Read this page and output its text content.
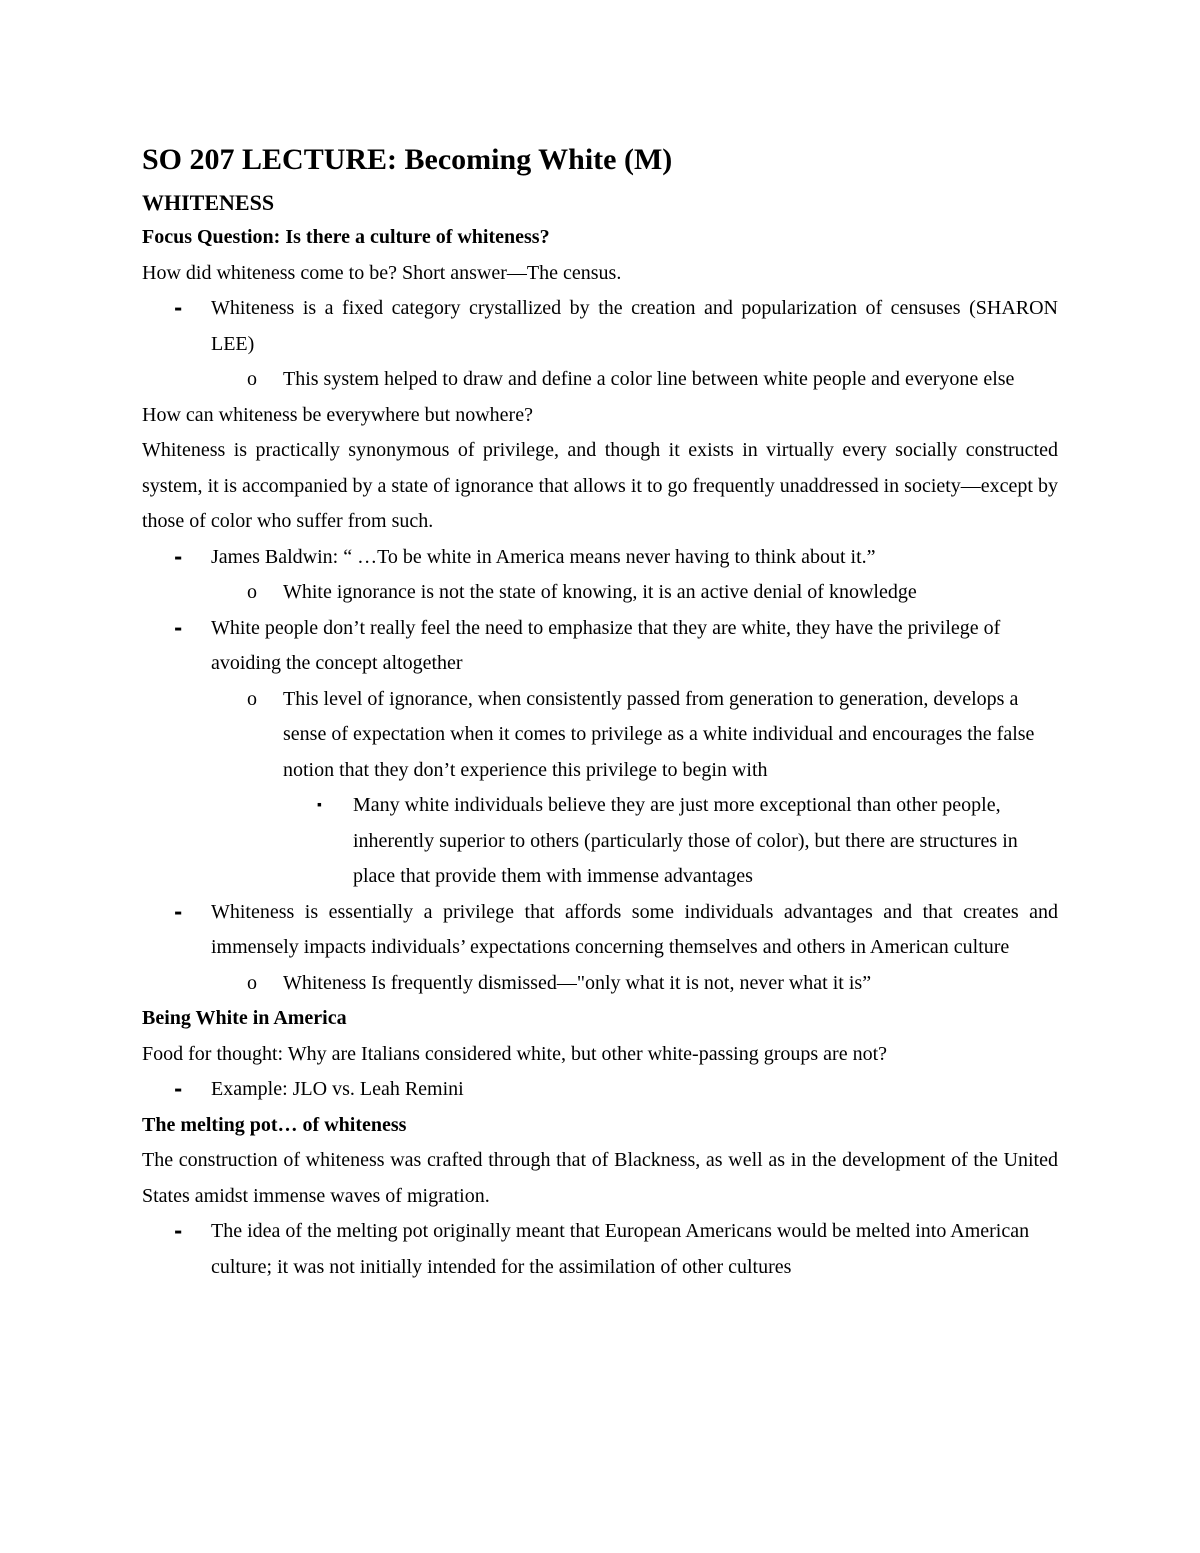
SO 207 LECTURE: Becoming White (M)
WHITENESS
Focus Question: Is there a culture of whiteness?
How did whiteness come to be? Short answer—The census.
- Whiteness is a fixed category crystallized by the creation and popularization of censuses (SHARON LEE)
o This system helped to draw and define a color line between white people and everyone else
How can whiteness be everywhere but nowhere?
Whiteness is practically synonymous of privilege, and though it exists in virtually every socially constructed system, it is accompanied by a state of ignorance that allows it to go frequently unaddressed in society—except by those of color who suffer from such.
- James Baldwin: “ …To be white in America means never having to think about it.”
o White ignorance is not the state of knowing, it is an active denial of knowledge
- White people don’t really feel the need to emphasize that they are white, they have the privilege of avoiding the concept altogether
o This level of ignorance, when consistently passed from generation to generation, develops a sense of expectation when it comes to privilege as a white individual and encourages the false notion that they don’t experience this privilege to begin with
▪ Many white individuals believe they are just more exceptional than other people, inherently superior to others (particularly those of color), but there are structures in place that provide them with immense advantages
- Whiteness is essentially a privilege that affords some individuals advantages and that creates and immensely impacts individuals’ expectations concerning themselves and others in American culture
o Whiteness Is frequently dismissed—"only what it is not, never what it is”
Being White in America
Food for thought: Why are Italians considered white, but other white-passing groups are not?
- Example: JLO vs. Leah Remini
The melting pot… of whiteness
The construction of whiteness was crafted through that of Blackness, as well as in the development of the United States amidst immense waves of migration.
- The idea of the melting pot originally meant that European Americans would be melted into American culture; it was not initially intended for the assimilation of other cultures
